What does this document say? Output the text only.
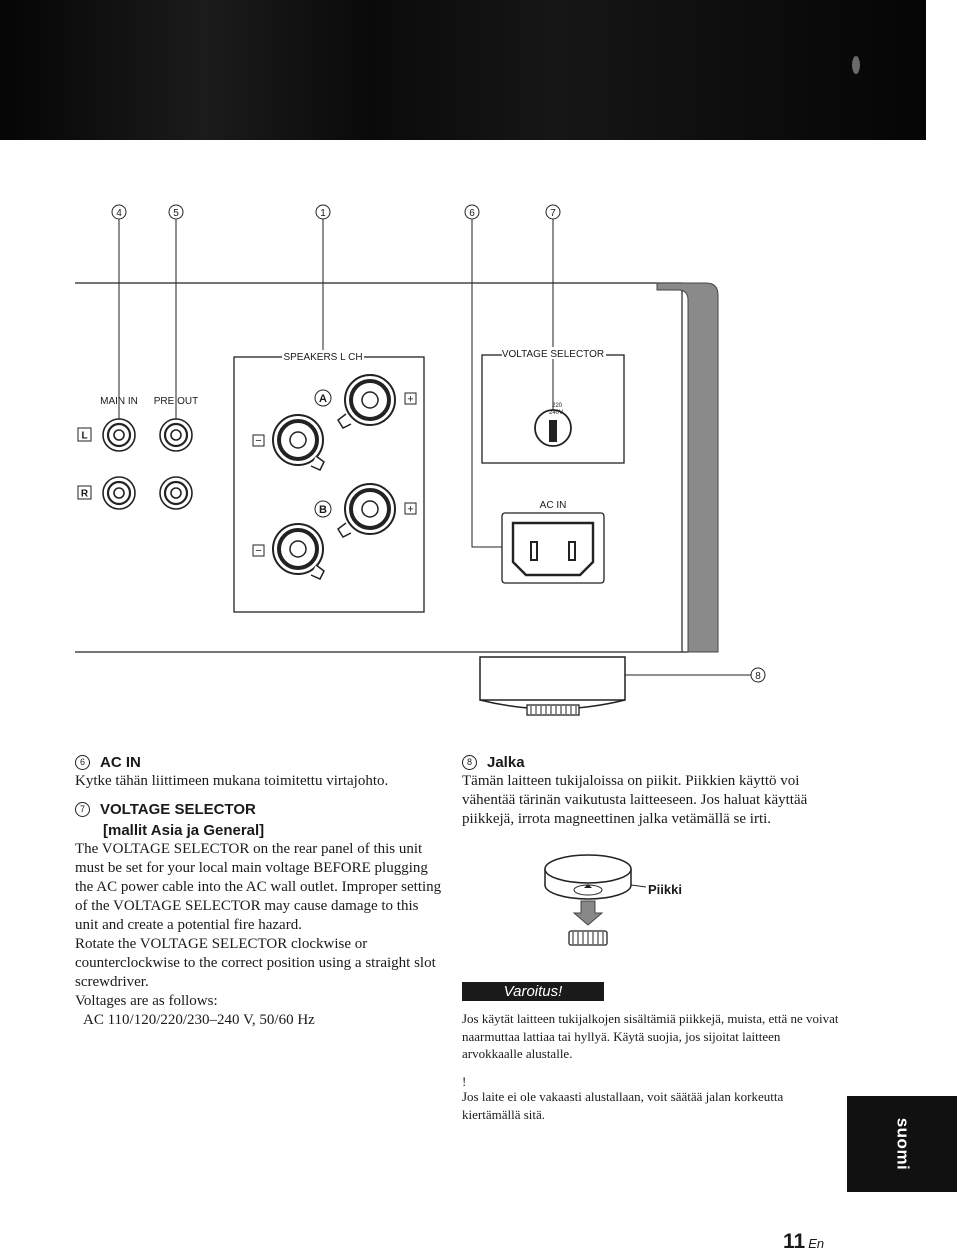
4	5	1	6	7
MAIN IN PRE OUT
L
R
SPEAKERS L CH
A	+
−
B	+
−
VOLTAGE SELECTOR
220
240V
AC IN
8
6	AC IN

Kytke tähän liittimeen mukana toimitettu virtajohto.

7	VOLTAGE SELECTOR
[mallit Asia ja General]

The VOLTAGE SELECTOR on the rear panel of this unit must be set for your local main voltage BEFORE plugging the AC power cable into the AC wall outlet. Improper setting of the VOLTAGE SELECTOR may cause damage to this unit and create a potential fire hazard.

Rotate the VOLTAGE SELECTOR clockwise or counterclockwise to the correct position using a straight slot screwdriver.

Voltages are as follows:

AC 110/120/220/230–240 V, 50/60 Hz

8	Jalka

Tämän laitteen tukijaloissa on piikit. Piikkien käyttö voi vähentää tärinän vaikutusta laitteeseen. Jos haluat käyttää piikkejä, irrota magneettinen jalka vetämällä se irti.

Piikki
Varoitus!
Jos käytät laitteen tukijalkojen sisältämiä piikkejä, muista, että ne voivat naarmuttaa lattiaa tai hyllyä. Käytä suojia, jos sijoitat laitteen arvokkaalle alustalle.
!
Jos laite ei ole vakaasti alustallaan, voit säätää jalan korkeutta kiertämällä sitä.
suomi
11 En
